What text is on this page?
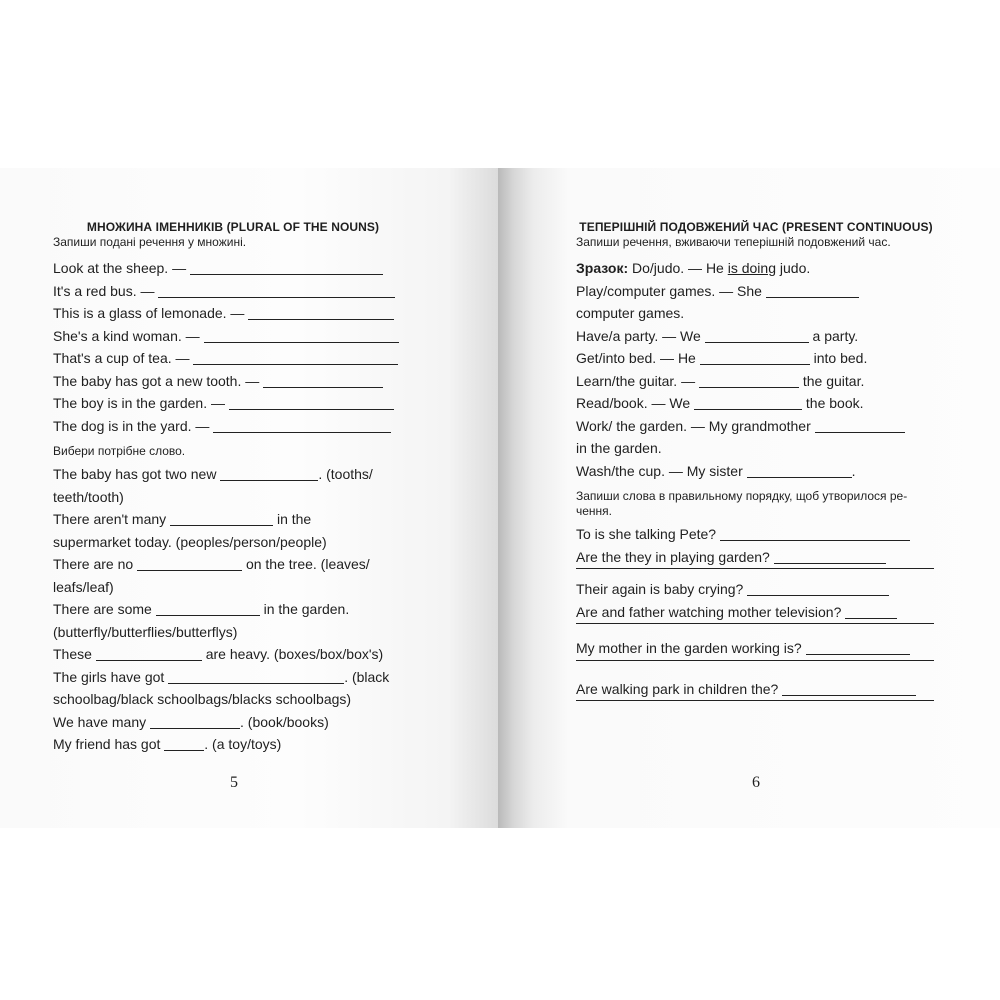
МНОЖИНА ІМЕННИКІВ (PLURAL OF THE NOUNS)

Запиши подані речення у множині.

Look at the sheep. —
It's a red bus. —
This is a glass of lemonade. —
She's a kind woman. —
That's a cup of tea. —
The baby has got a new tooth. —
The boy is in the garden. —
The dog is in the yard. —

Вибери потрібне слово.

The baby has got two new	. (tooths/
teeth/tooth)
There aren't many	in the
supermarket today. (peoples/person/people)
There are no	on the tree. (leaves/
leafs/leaf)
There are some	in the garden.
(butterfly/butterflies/butterflys)
These	are heavy. (boxes/box/box's)
The girls have got	. (black
schoolbag/black schoolbags/blacks schoolbags)
We have many	. (book/books)
My friend has got	. (a toy/toys)
5

ТЕПЕРІШНІЙ ПОДОВЖЕНИЙ ЧАС (PRESENT CONTINUOUS)

Запиши речення, вживаючи теперішній подовжений час.

Зразок: Do/judo. — He is doing judo.
Play/computer games. — She
computer games.
Have/a party. — We	a party.
Get/into bed. — He	into bed.
Learn/the guitar. —	the guitar.
Read/book. — We	the book.
Work/ the garden. — My grandmother
in the garden.
Wash/the cup. — My sister	.

Запиши слова в правильному порядку, щоб утворилося ре-

чення.

To is she talking Pete?
Are the they in playing garden?
Their again is baby crying?
Are and father watching mother television?
My mother in the garden working is?
Are walking park in children the?
6
